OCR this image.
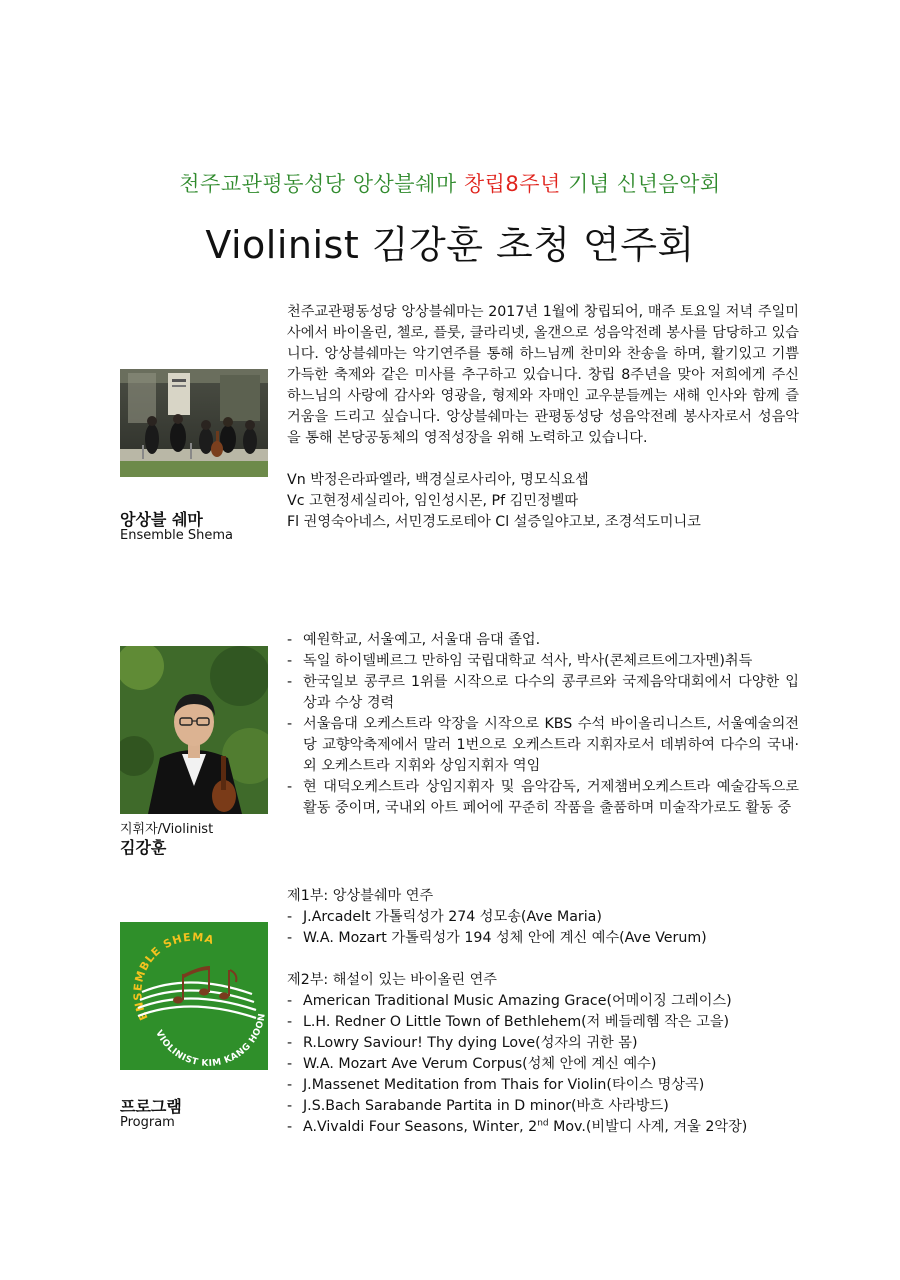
천주교관평동성당 앙상블쉐마 창립8주년 기념 신년음악회
Violinist 김강훈 초청 연주회
앙상블 쉐마
Ensemble Shema
천주교관평동성당 앙상블쉐마는 2017년 1월에 창립되어, 매주 토요일 저녁 주일미사에서 바이올린, 첼로, 플룻, 클라리넷, 올갠으로 성음악전례 봉사를 담당하고 있습니다. 앙상블쉐마는 악기연주를 통해 하느님께 찬미와 찬송을 하며, 활기있고 기쁨 가득한 축제와 같은 미사를 추구하고 있습니다. 창립 8주년을 맞아 저희에게 주신 하느님의 사랑에 감사와 영광을, 형제와 자매인 교우분들께는 새해 인사와 함께 즐거움을 드리고 싶습니다. 앙상블쉐마는 관평동성당 성음악전례 봉사자로서 성음악을 통해 본당공동체의 영적성장을 위해 노력하고 있습니다.
Vn 박정은라파엘라, 백경실로사리아, 명모식요셉
Vc 고현정세실리아, 임인성시몬, Pf 김민정벨따
Fl 권영숙아네스, 서민경도로테아 Cl 설증일야고보, 조경석도미니코
지휘자/Violinist
김강훈
- 예원학교, 서울예고, 서울대 음대 졸업.
- 독일 하이델베르그 만하임 국립대학교 석사, 박사(콘체르트에그자멘)취득
- 한국일보 콩쿠르 1위를 시작으로 다수의 콩쿠르와 국제음악대회에서 다양한 입상과 수상 경력
- 서울음대 오케스트라 악장을 시작으로 KBS 수석 바이올리니스트, 서울예술의전당 교향악축제에서 말러 1번으로 오케스트라 지휘자로서 데뷔하여 다수의 국내·외 오케스트라 지휘와 상임지휘자 역임
- 현 대덕오케스트라 상임지휘자 및 음악감독, 거제챔버오케스트라 예술감독으로 활동 중이며, 국내외 아트 페어에 꾸준히 작품을 출품하며 미술작가로도 활동 중
ENSEMBLE SHEMA
VIOLINIST KIM KANG HOON
프로그램
Program
제1부: 앙상블쉐마 연주
- J.Arcadelt 가톨릭성가 274 성모송(Ave Maria)
- W.A. Mozart 가톨릭성가 194 성체 안에 계신 예수(Ave Verum)
제2부: 해설이 있는 바이올린 연주
- American Traditional Music Amazing Grace(어메이징 그레이스)
- L.H. Redner O Little Town of Bethlehem(저 베들레헴 작은 고을)
- R.Lowry Saviour! Thy dying Love(성자의 귀한 몸)
- W.A. Mozart Ave Verum Corpus(성체 안에 계신 예수)
- J.Massenet Meditation from Thais for Violin(타이스 명상곡)
- J.S.Bach Sarabande Partita in D minor(바흐 사라방드)
- A.Vivaldi Four Seasons, Winter, 2nd Mov.(비발디 사계, 겨울 2악장)
